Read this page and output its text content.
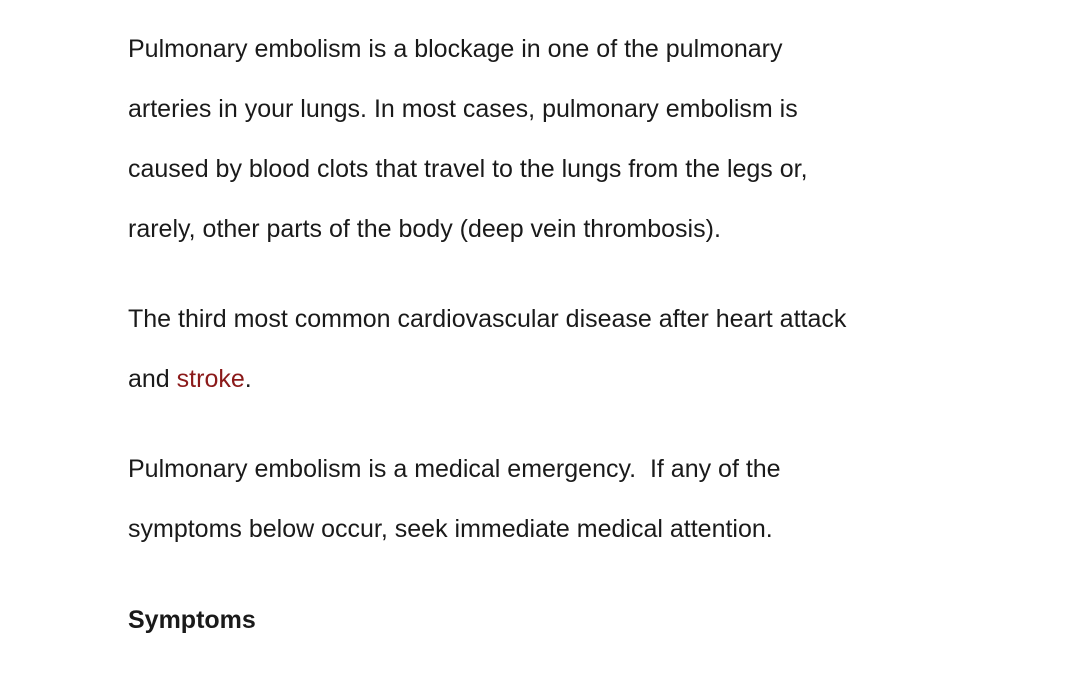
Pulmonary embolism is a blockage in one of the pulmonary
arteries in your lungs. In most cases, pulmonary embolism is
caused by blood clots that travel to the lungs from the legs or,
rarely, other parts of the body (deep vein thrombosis).

The third most common cardiovascular disease after heart attack
and stroke.

Pulmonary embolism is a medical emergency.  If any of the
symptoms below occur, seek immediate medical attention.

Symptoms
